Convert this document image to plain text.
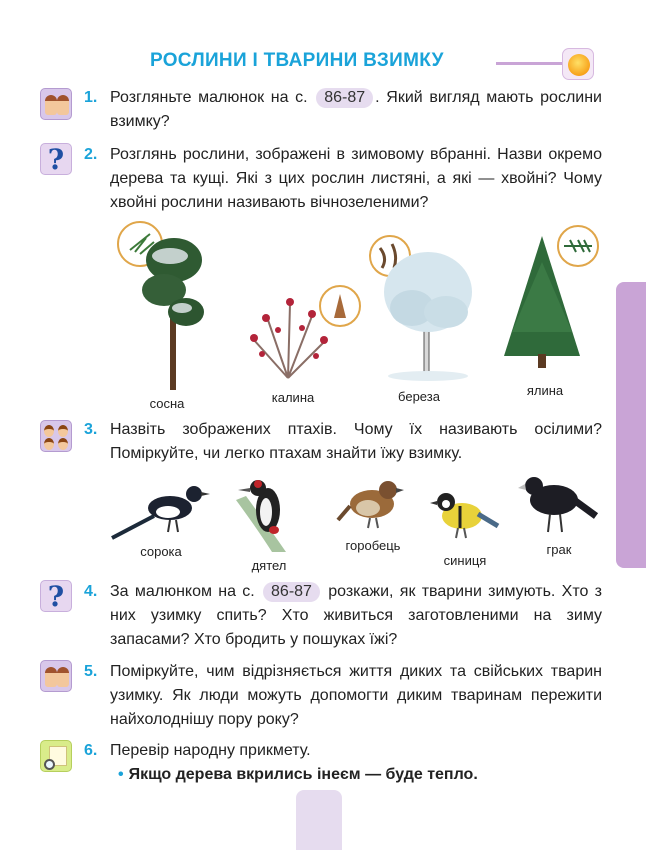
РОСЛИНИ І ТВАРИНИ ВЗИМКУ
1. Розгляньте малюнок на с. 86-87 . Який вигляд мають рослини взимку?
?	2. Розглянь рослини, зображені в зимовому вбранні. Назви окремо дерева та кущі. Які з цих рослин листяні, а які — хвойні? Чому хвойні рослини називають вічнозеленими?
сосна	калина	береза	ялина
3. Назвіть зображених птахів. Чому їх називають осілими? Поміркуйте, чи легко птахам знайти їжу взимку.
сорока
дятел
горобець
синиця
грак
?	4. За малюнком на с. 86-87 розкажи, як тварини зимують. Хто з них узимку спить? Хто живиться заготовленими на зиму запасами? Хто бродить у пошуках їжі?
5. Поміркуйте, чим відрізняється життя диких та свійських тварин узимку. Як люди можуть допомогти диким тваринам пережити найхолоднішу пору року?
6. Перевір народну прикмету.
• Якщо дерева вкрились інеєм — буде тепло.
